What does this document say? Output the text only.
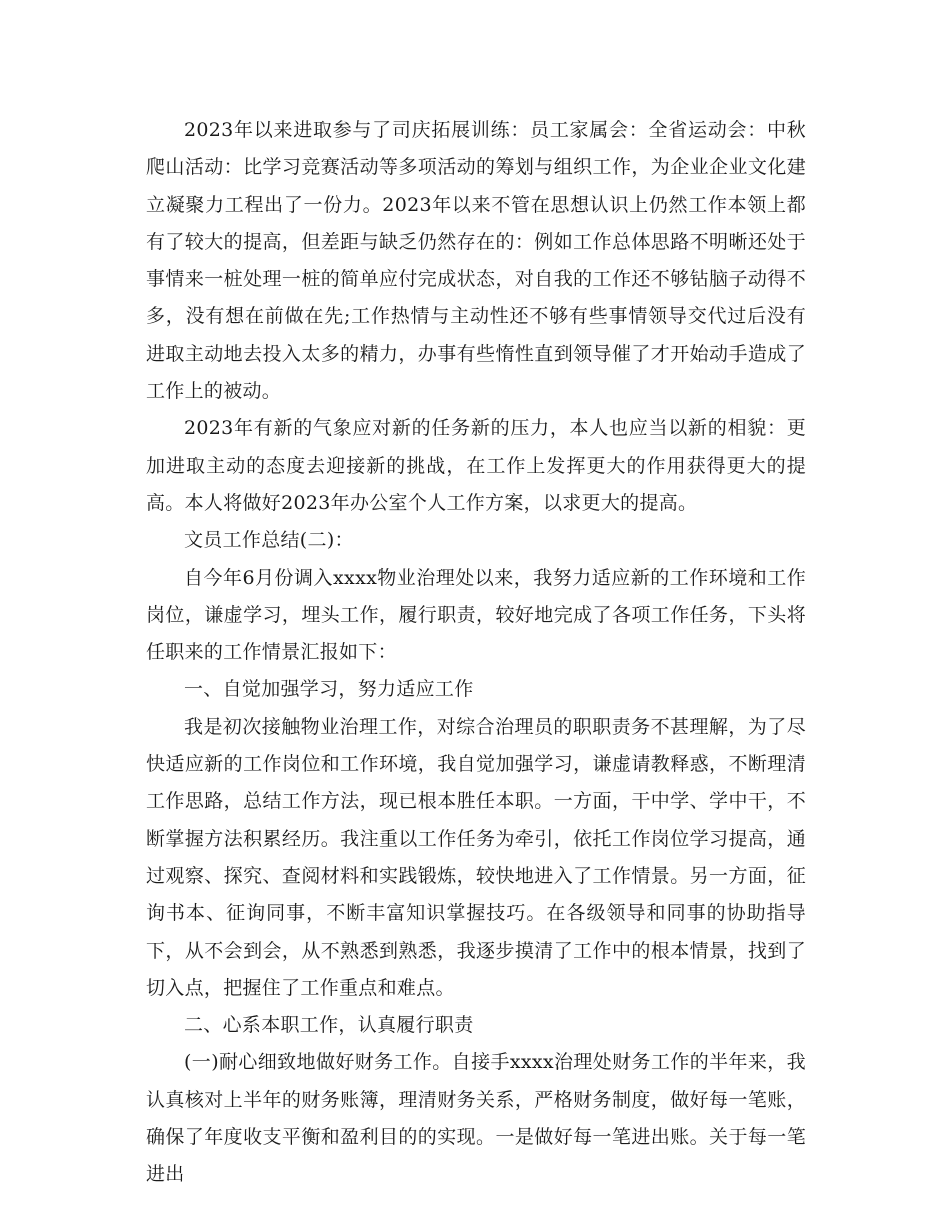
2023年以来进取参与了司庆拓展训练：员工家属会：全省运动会：中秋爬山活动：比学习竞赛活动等多项活动的筹划与组织工作，为企业企业文化建立凝聚力工程出了一份力。2023年以来不管在思想认识上仍然工作本领上都有了较大的提高，但差距与缺乏仍然存在的：例如工作总体思路不明晰还处于事情来一桩处理一桩的简单应付完成状态，对自我的工作还不够钻脑子动得不多，没有想在前做在先;工作热情与主动性还不够有些事情领导交代过后没有进取主动地去投入太多的精力，办事有些惰性直到领导催了才开始动手造成了工作上的被动。

2023年有新的气象应对新的任务新的压力，本人也应当以新的相貌：更加进取主动的态度去迎接新的挑战，在工作上发挥更大的作用获得更大的提高。本人将做好2023年办公室个人工作方案，以求更大的提高。

文员工作总结(二)：

自今年6月份调入xxxx物业治理处以来，我努力适应新的工作环境和工作岗位，谦虚学习，埋头工作，履行职责，较好地完成了各项工作任务，下头将任职来的工作情景汇报如下：

一、自觉加强学习，努力适应工作

我是初次接触物业治理工作，对综合治理员的职职责务不甚理解，为了尽快适应新的工作岗位和工作环境，我自觉加强学习，谦虚请教释惑，不断理清工作思路，总结工作方法，现已根本胜任本职。一方面，干中学、学中干，不断掌握方法积累经历。我注重以工作任务为牵引，依托工作岗位学习提高，通过观察、探究、查阅材料和实践锻炼，较快地进入了工作情景。另一方面，征询书本、征询同事，不断丰富知识掌握技巧。在各级领导和同事的协助指导下，从不会到会，从不熟悉到熟悉，我逐步摸清了工作中的根本情景，找到了切入点，把握住了工作重点和难点。

二、心系本职工作，认真履行职责

(一)耐心细致地做好财务工作。自接手xxxx治理处财务工作的半年来，我认真核对上半年的财务账簿，理清财务关系，严格财务制度，做好每一笔账，确保了年度收支平衡和盈利目的的实现。一是做好每一笔进出账。关于每一笔进出
